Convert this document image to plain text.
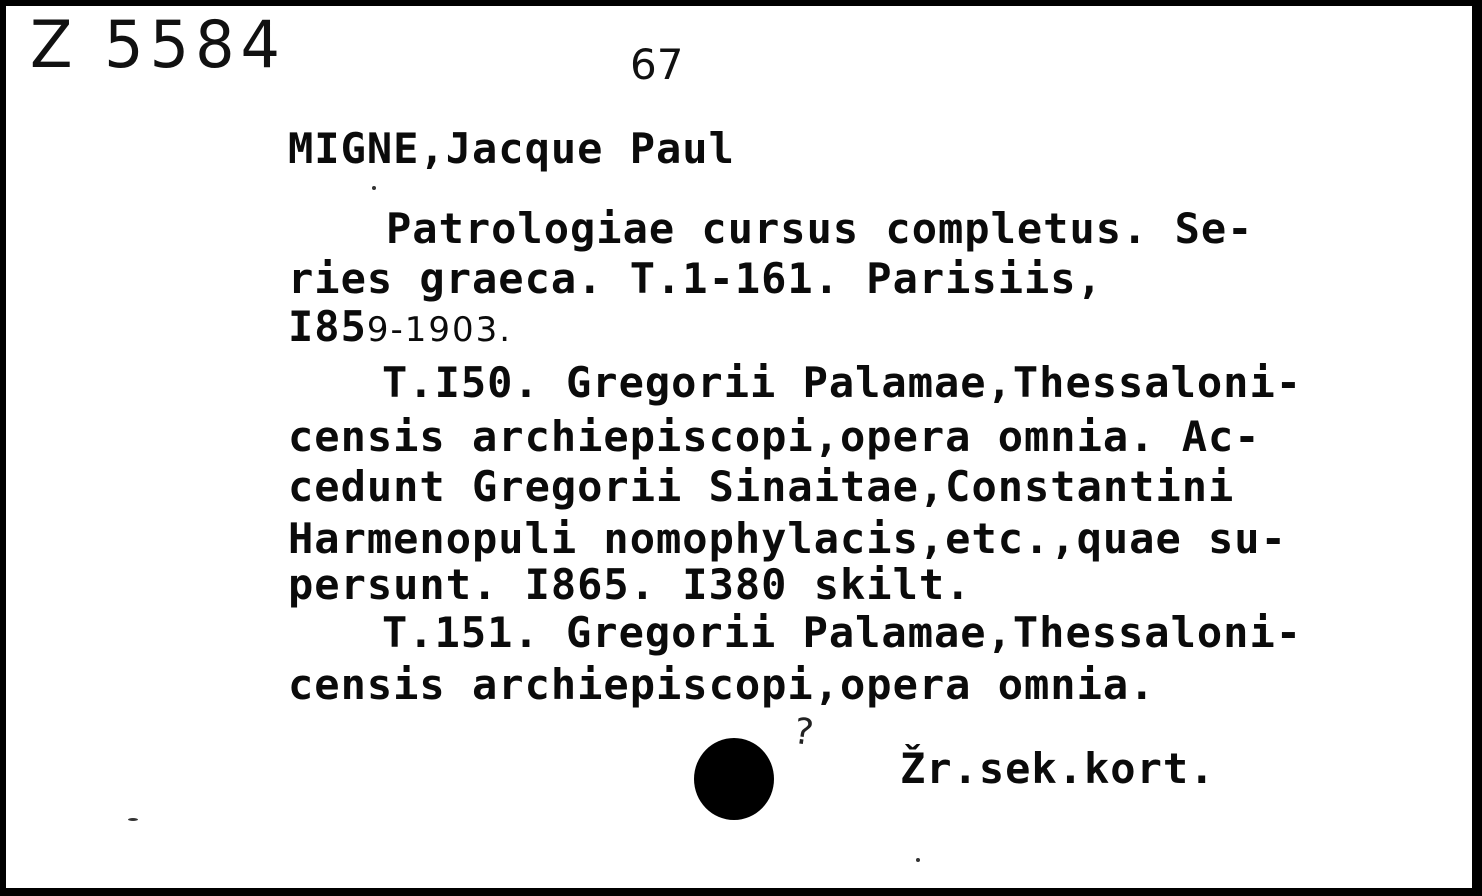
Z 5584	67
MIGNE,Jacque Paul
Patrologiae cursus completus. Se-
ries graeca. T.1-161. Parisiis,
I859-1903.
T.I50. Gregorii Palamae,Thessaloni-
censis archiepiscopi,opera omnia. Ac-
cedunt Gregorii Sinaitae,Constantini
Harmenopuli nomophylacis,etc.,quae su-
persunt. I865. I380 skilt.
T.151. Gregorii Palamae,Thessaloni-
censis archiepiscopi,opera omnia.
?
Žr.sek.kort.
